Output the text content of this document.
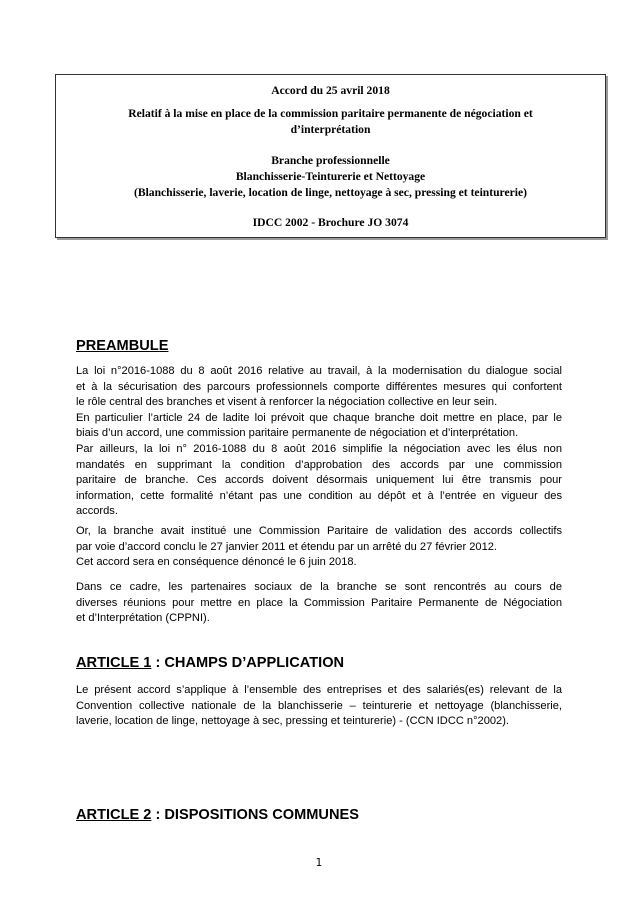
Accord du 25 avril 2018
Relatif à la mise en place de la commission paritaire permanente de négociation et
d’interprétation
Branche professionnelle
Blanchisserie-Teinturerie et Nettoyage
(Blanchisserie, laverie, location de linge, nettoyage à sec, pressing et teinturerie)
IDCC 2002 - Brochure JO 3074
PREAMBULE
La loi n°2016-1088 du 8 août 2016 relative au travail, à la modernisation du dialogue social
et à la sécurisation des parcours professionnels comporte différentes mesures qui confortent
le rôle central des branches et visent à renforcer la négociation collective en leur sein.
En particulier l’article 24 de ladite loi prévoit que chaque branche doit mettre en place, par le
biais d’un accord, une commission paritaire permanente de négociation et d’interprétation.
Par ailleurs, la loi n° 2016-1088 du 8 août 2016 simplifie la négociation avec les élus non
mandatés en supprimant la condition d’approbation des accords par une commission
paritaire de branche. Ces accords doivent désormais uniquement lui être transmis pour
information, cette formalité n’étant pas une condition au dépôt et à l’entrée en vigueur des
accords.
Or, la branche avait institué une Commission Paritaire de validation des accords collectifs
par voie d’accord conclu le 27 janvier 2011 et étendu par un arrêté du 27 février 2012.
Cet accord sera en conséquence dénoncé le 6 juin 2018.
Dans ce cadre, les partenaires sociaux de la branche se sont rencontrés au cours de
diverses réunions pour mettre en place la Commission Paritaire Permanente de Négociation
et d’Interprétation (CPPNI).
ARTICLE 1 : CHAMPS D’APPLICATION
Le présent accord s’applique à l’ensemble des entreprises et des salariés(es) relevant de la
Convention collective nationale de la blanchisserie – teinturerie et nettoyage (blanchisserie,
laverie, location de linge, nettoyage à sec, pressing et teinturerie) - (CCN IDCC n°2002).
ARTICLE 2 : DISPOSITIONS COMMUNES
1
